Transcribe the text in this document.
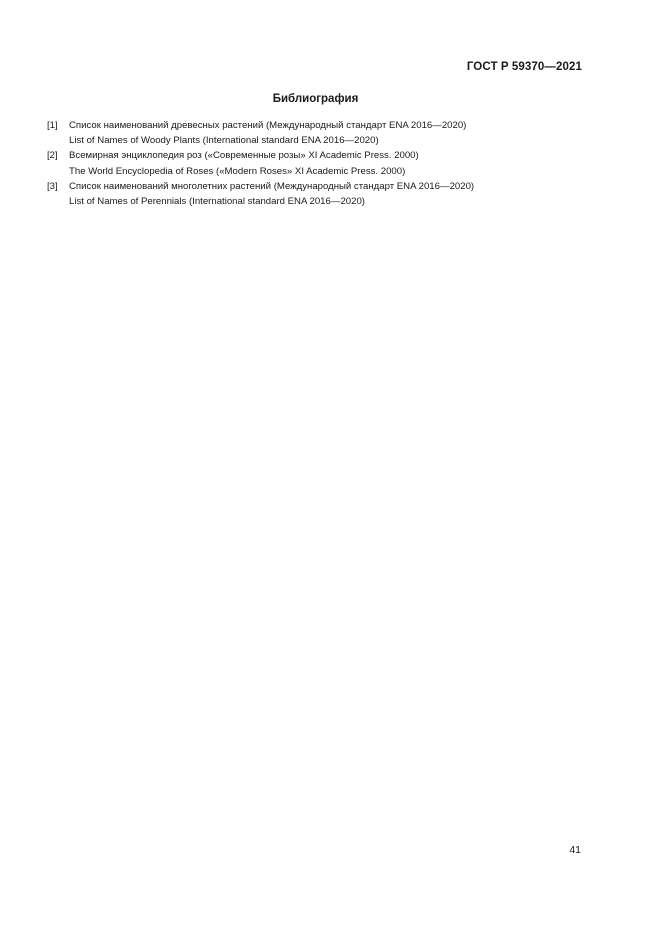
ГОСТ Р 59370—2021
Библиография
[1]	Список наименований древесных растений (Международный стандарт ENA 2016—2020)
List of Names of Woody Plants (International standard ENA 2016—2020)
[2]	Всемирная энциклопедия роз («Современные розы» XI Academic Press. 2000)
The World Encyclopedia of Roses («Modern Roses» XI Academic Press. 2000)
[3]	Список наименований многолетних растений (Международный стандарт ENA 2016—2020)
List of Names of Perennials (International standard ENA 2016—2020)
41
